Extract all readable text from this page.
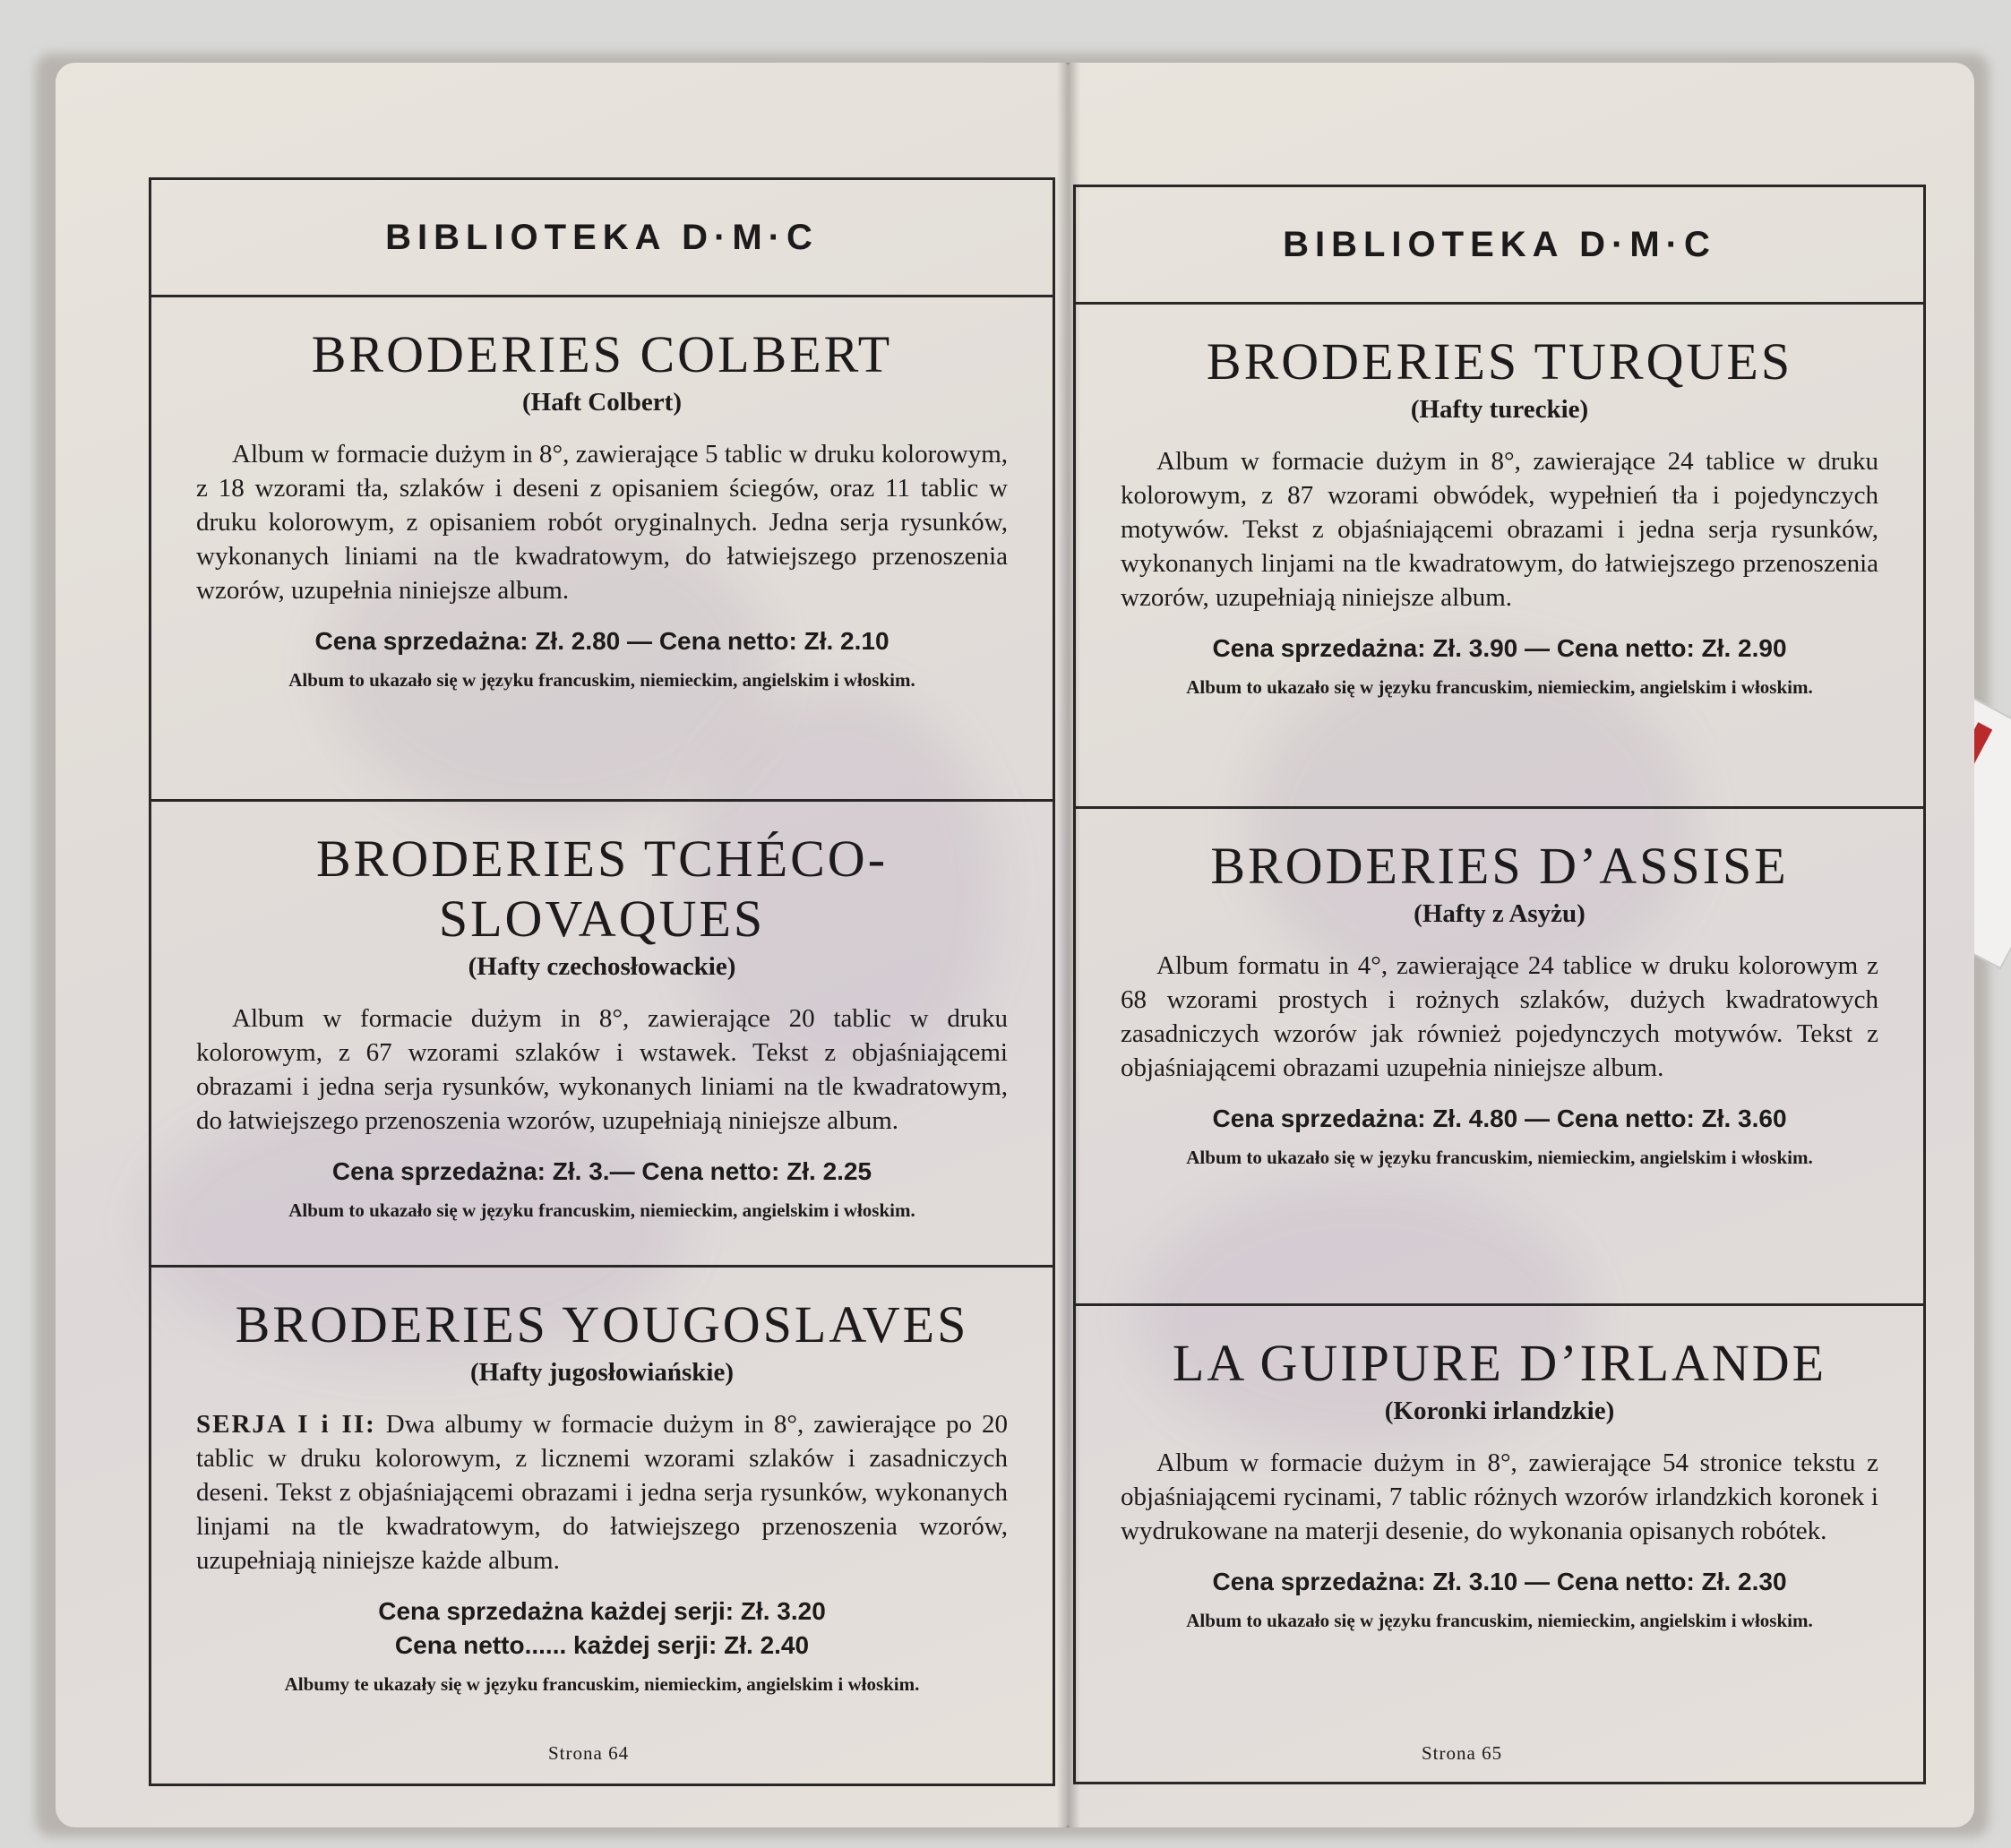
BIBLIOTEKA D·M·C
BRODERIES COLBERT
(Haft Colbert)
Album w formacie dużym in 8°, zawierające 5 tablic w druku kolorowym, z 18 wzorami tła, szlaków i deseni z opisaniem ściegów, oraz 11 tablic w druku kolorowym, z opisaniem robót oryginalnych. Jedna serja rysunków, wykonanych liniami na tle kwadratowym, do łatwiejszego przenoszenia wzorów, uzupełnia niniejsze album.
Cena sprzedażna: Zł. 2.80 — Cena netto: Zł. 2.10
Album to ukazało się w języku francuskim, niemieckim, angielskim i włoskim.
BRODERIES TCHÉCO-SLOVAQUES
(Hafty czechosłowackie)
Album w formacie dużym in 8°, zawierające 20 tablic w druku kolorowym, z 67 wzorami szlaków i wstawek. Tekst z objaśniającemi obrazami i jedna serja rysunków, wykonanych liniami na tle kwadratowym, do łatwiejszego przenoszenia wzorów, uzupełniają niniejsze album.
Cena sprzedażna: Zł. 3.— Cena netto: Zł. 2.25
Album to ukazało się w języku francuskim, niemieckim, angielskim i włoskim.
BRODERIES YOUGOSLAVES
(Hafty jugosłowiańskie)
SERJA I i II: Dwa albumy w formacie dużym in 8°, zawierające po 20 tablic w druku kolorowym, z licznemi wzorami szlaków i zasadniczych deseni. Tekst z objaśniającemi obrazami i jedna serja rysunków, wykonanych linjami na tle kwadratowym, do łatwiejszego przenoszenia wzorów, uzupełniają niniejsze każde album.
Cena sprzedażna każdej serji: Zł. 3.20
Cena netto...... każdej serji: Zł. 2.40
Albumy te ukazały się w języku francuskim, niemieckim, angielskim i włoskim.
Strona 64
BIBLIOTEKA D·M·C
BRODERIES TURQUES
(Hafty tureckie)
Album w formacie dużym in 8°, zawierające 24 tablice w druku kolorowym, z 87 wzorami obwódek, wypełnień tła i pojedynczych motywów. Tekst z objaśniającemi obrazami i jedna serja rysunków, wykonanych linjami na tle kwadratowym, do łatwiejszego przenoszenia wzorów, uzupełniają niniejsze album.
Cena sprzedażna: Zł. 3.90 — Cena netto: Zł. 2.90
Album to ukazało się w języku francuskim, niemieckim, angielskim i włoskim.
BRODERIES D’ASSISE
(Hafty z Asyżu)
Album formatu in 4°, zawierające 24 tablice w druku kolorowym z 68 wzorami prostych i rożnych szlaków, dużych kwadratowych zasadniczych wzorów jak również pojedynczych motywów. Tekst z objaśniającemi obrazami uzupełnia niniejsze album.
Cena sprzedażna: Zł. 4.80 — Cena netto: Zł. 3.60
Album to ukazało się w języku francuskim, niemieckim, angielskim i włoskim.
LA GUIPURE D’IRLANDE
(Koronki irlandzkie)
Album w formacie dużym in 8°, zawierające 54 stronice tekstu z objaśniającemi rycinami, 7 tablic różnych wzorów irlandzkich koronek i wydrukowane na materji desenie, do wykonania opisanych robótek.
Cena sprzedażna: Zł. 3.10 — Cena netto: Zł. 2.30
Album to ukazało się w języku francuskim, niemieckim, angielskim i włoskim.
Strona 65
